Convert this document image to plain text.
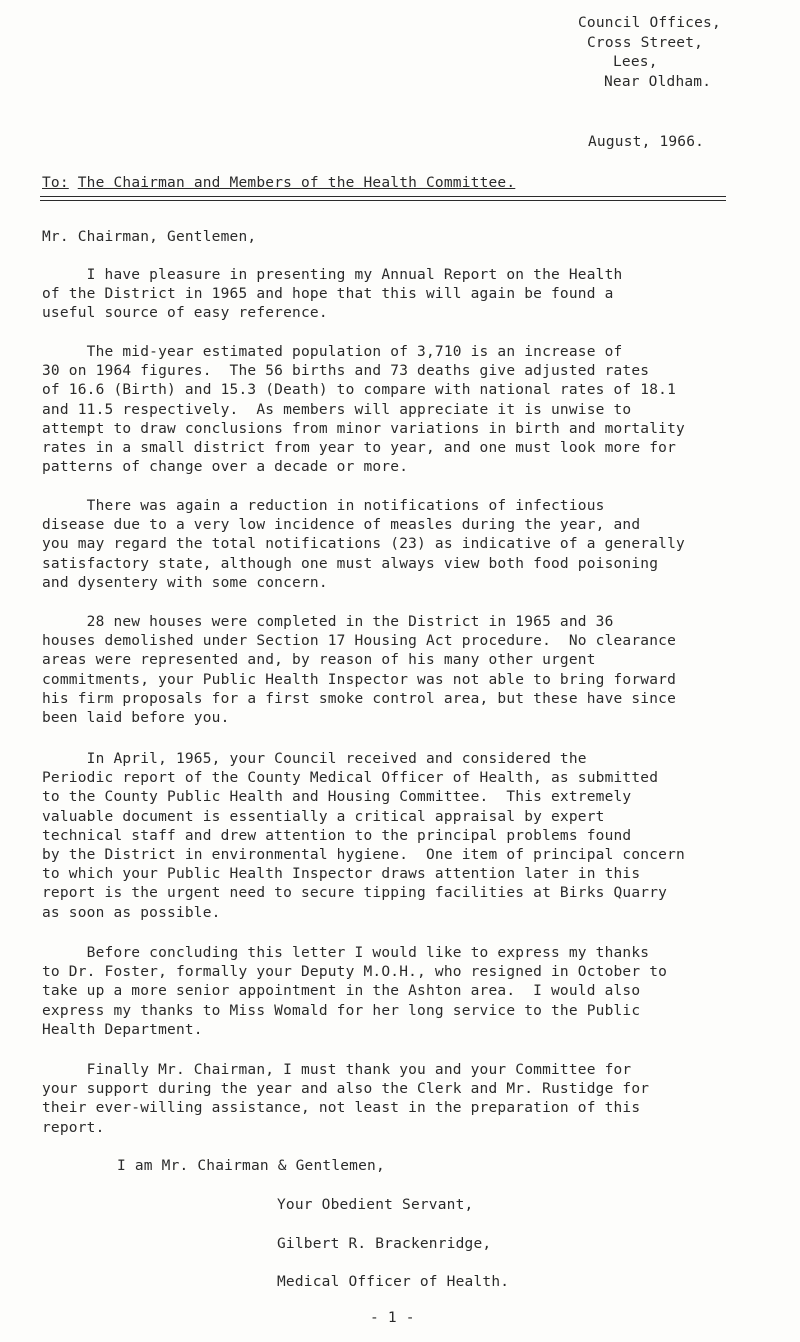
Council Offices,
Cross Street,
Lees,
Near Oldham.
August, 1966.
To: The Chairman and Members of the Health Committee.
Mr. Chairman, Gentlemen,
I have pleasure in presenting my Annual Report on the Health
of the District in 1965 and hope that this will again be found a
useful source of easy reference.
The mid-year estimated population of 3,710 is an increase of
30 on 1964 figures.  The 56 births and 73 deaths give adjusted rates
of 16.6 (Birth) and 15.3 (Death) to compare with national rates of 18.1
and 11.5 respectively.  As members will appreciate it is unwise to
attempt to draw conclusions from minor variations in birth and mortality
rates in a small district from year to year, and one must look more for
patterns of change over a decade or more.
There was again a reduction in notifications of infectious
disease due to a very low incidence of measles during the year, and
you may regard the total notifications (23) as indicative of a generally
satisfactory state, although one must always view both food poisoning
and dysentery with some concern.
28 new houses were completed in the District in 1965 and 36
houses demolished under Section 17 Housing Act procedure.  No clearance
areas were represented and, by reason of his many other urgent
commitments, your Public Health Inspector was not able to bring forward
his firm proposals for a first smoke control area, but these have since
been laid before you.
In April, 1965, your Council received and considered the
Periodic report of the County Medical Officer of Health, as submitted
to the County Public Health and Housing Committee.  This extremely
valuable document is essentially a critical appraisal by expert
technical staff and drew attention to the principal problems found
by the District in environmental hygiene.  One item of principal concern
to which your Public Health Inspector draws attention later in this
report is the urgent need to secure tipping facilities at Birks Quarry
as soon as possible.
Before concluding this letter I would like to express my thanks
to Dr. Foster, formally your Deputy M.O.H., who resigned in October to
take up a more senior appointment in the Ashton area.  I would also
express my thanks to Miss Womald for her long service to the Public
Health Department.
Finally Mr. Chairman, I must thank you and your Committee for
your support during the year and also the Clerk and Mr. Rustidge for
their ever-willing assistance, not least in the preparation of this
report.
I am Mr. Chairman & Gentlemen,
Your Obedient Servant,
Gilbert R. Brackenridge,
Medical Officer of Health.
- 1 -
